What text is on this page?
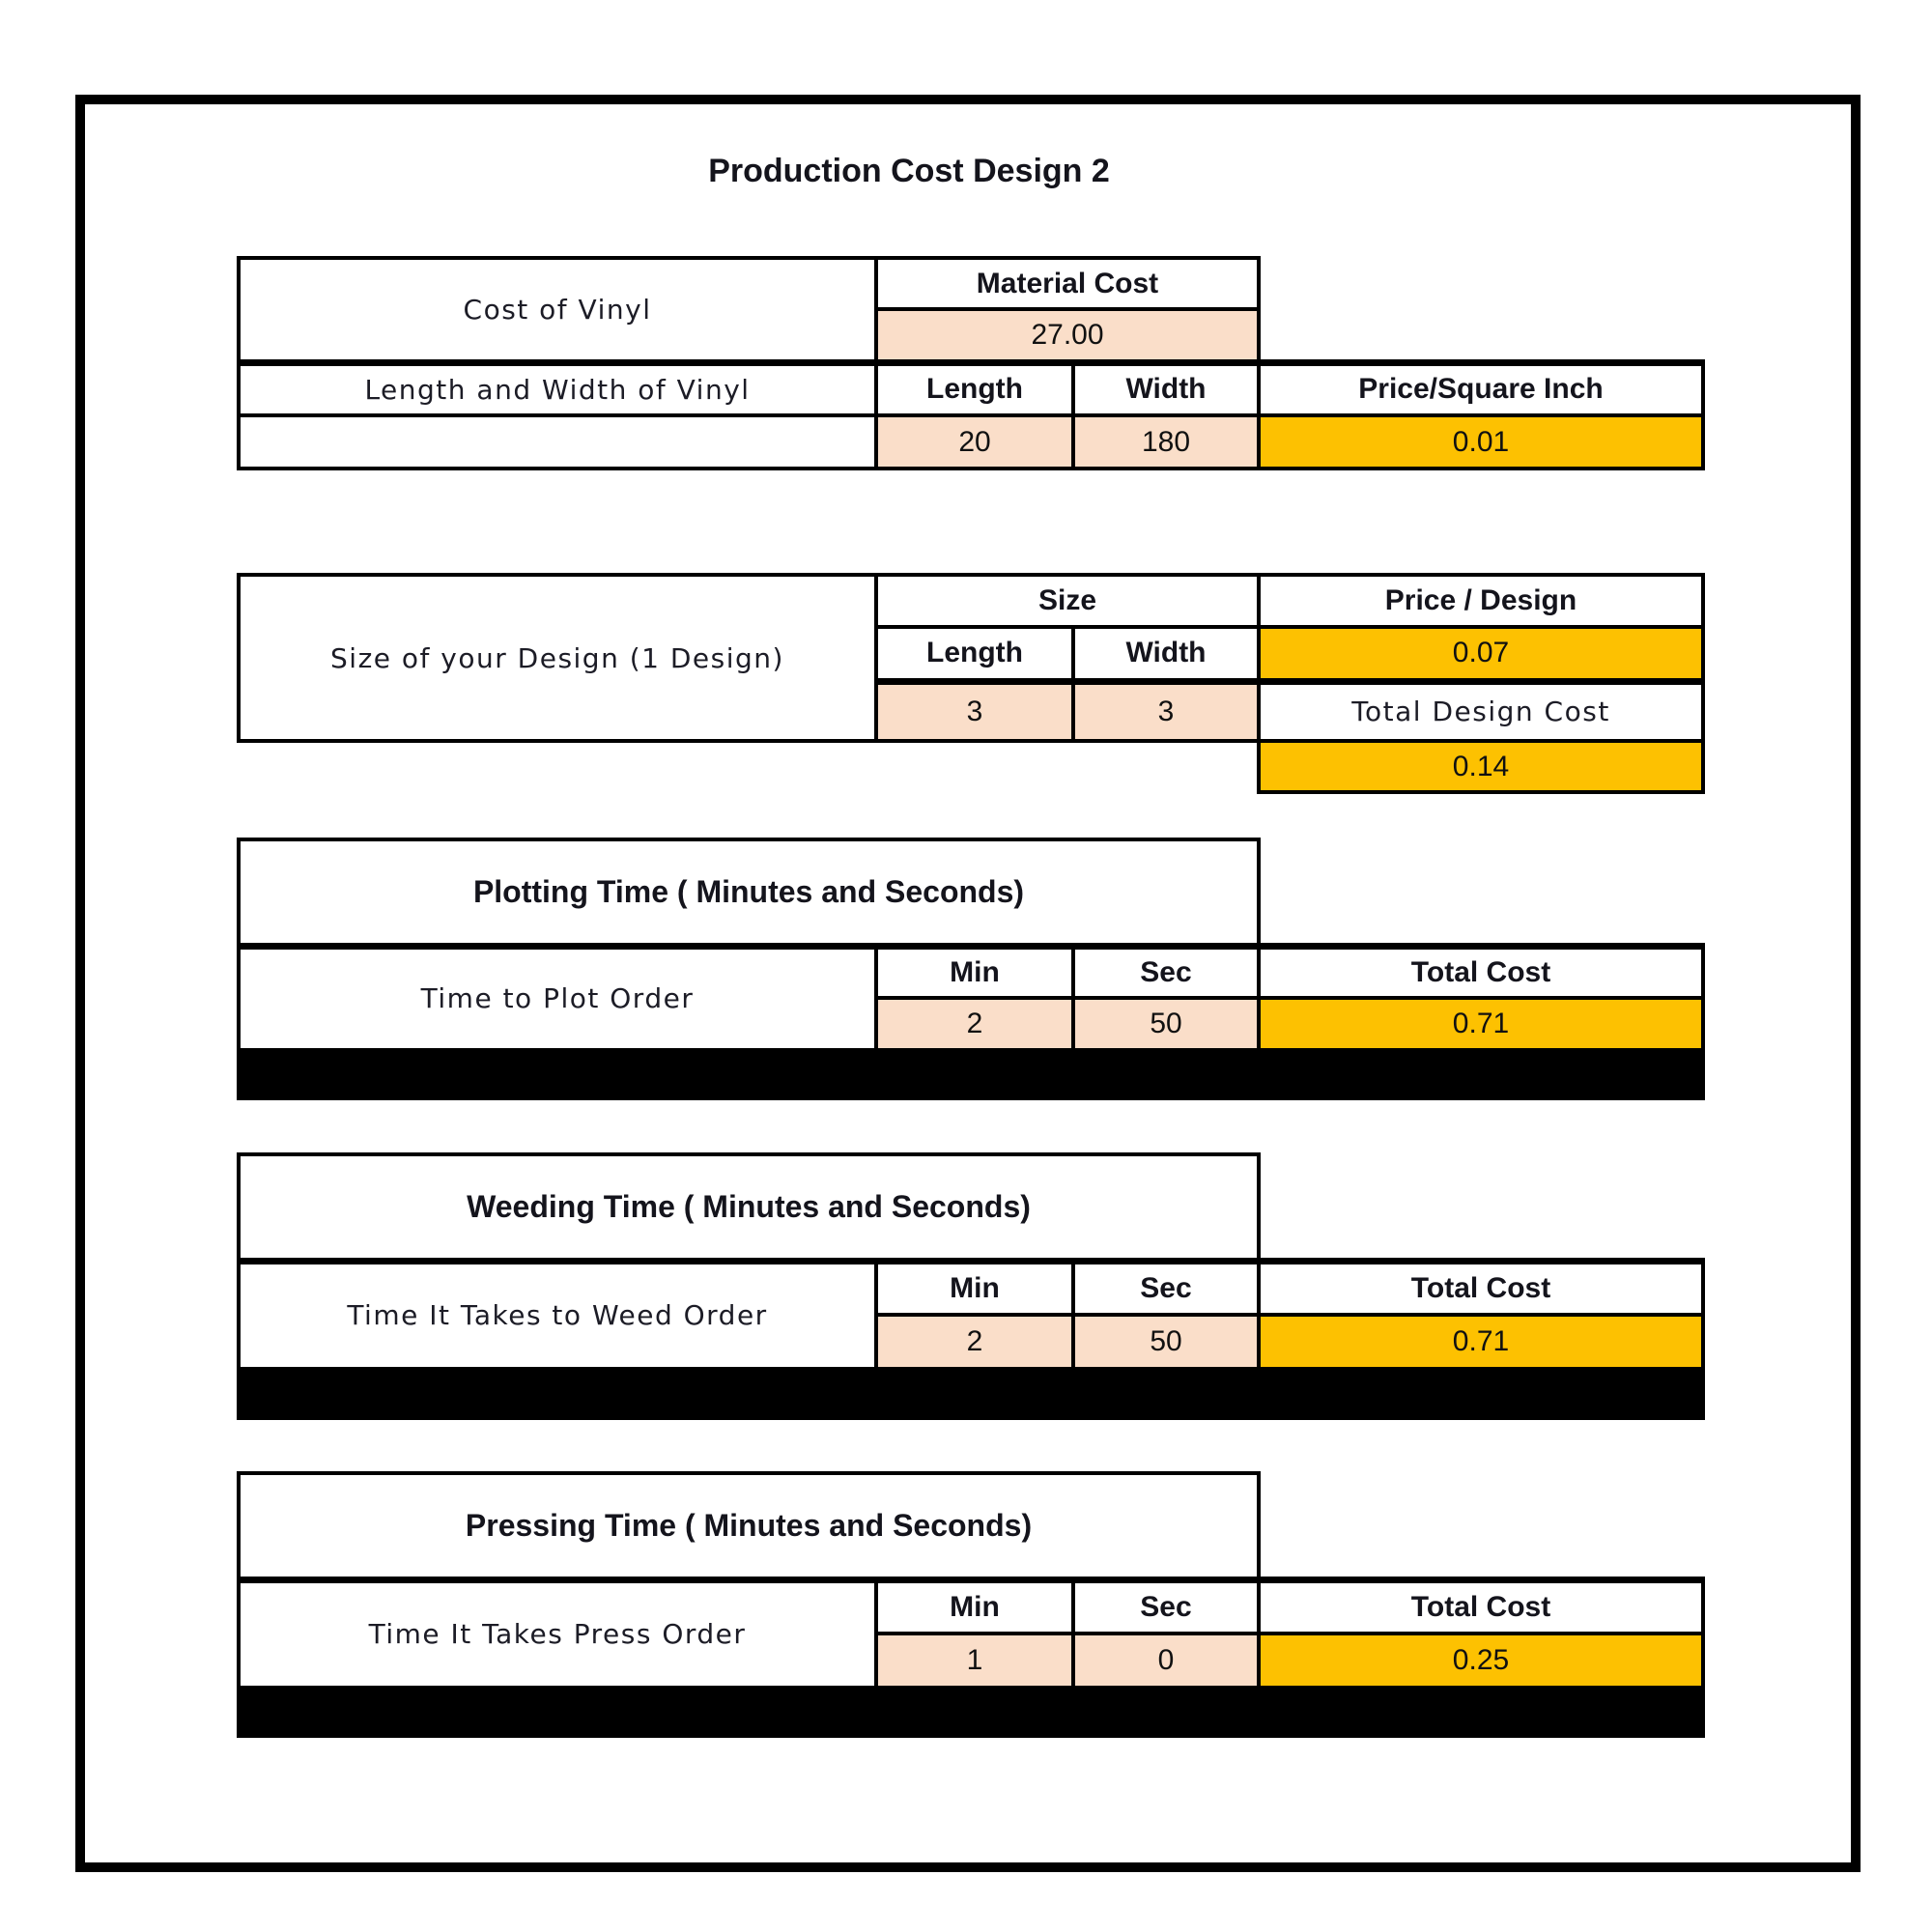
Production Cost Design 2
Cost of Vinyl	Material Cost		
	27.00		
Length and Width of Vinyl	Length	Width	Price/Square Inch
	20	180	0.01
Size of your Design (1 Design)	Size		Price / Design
	Length	Width	0.07
	3	3	Total Design Cost
			0.14
Plotting Time ( Minutes and Seconds)			
Time to Plot Order	Min	Sec	Total Cost
	2	50	0.71

Weeding Time ( Minutes and Seconds)			
Time It Takes to Weed Order	Min	Sec	Total Cost
	2	50	0.71

Pressing Time ( Minutes and Seconds)			
Time It Takes Press Order	Min	Sec	Total Cost
	1	0	0.25
